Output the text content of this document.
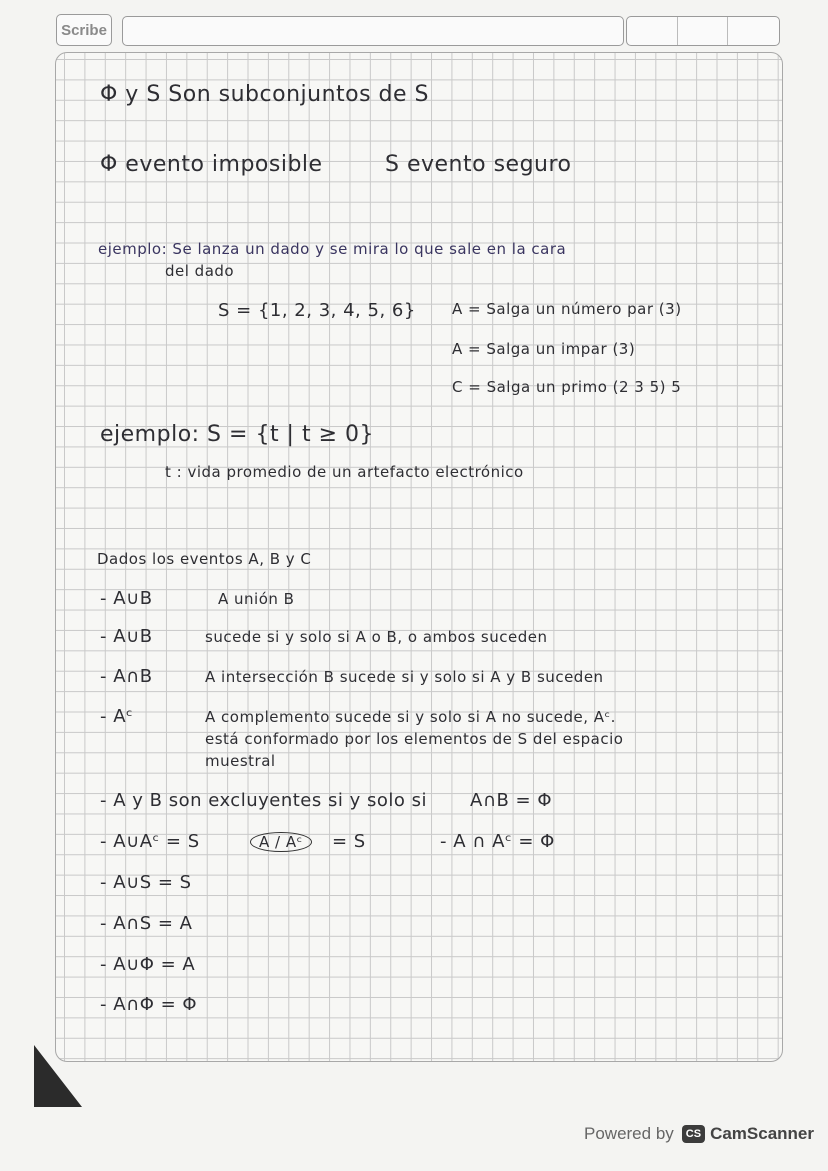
Scribe
Φ y S Son subconjuntos de S
Φ evento imposible	S evento seguro
ejemplo: Se lanza un dado y se mira lo que sale en la cara
del dado
S = {1, 2, 3, 4, 5, 6} A = Salga un número par (3)
A = Salga un impar (3)
C = Salga un primo (2 3 5) 5
ejemplo: S = {t | t ≥ 0}
t : vida promedio de un artefacto electrónico
Dados los eventos A, B y C
- A∪B	A unión B
- A∪B	sucede si y solo si A o B, o ambos suceden
- A∩B	A intersección B sucede si y solo si A y B suceden
- Aᶜ	A complemento sucede si y solo si A no sucede, Aᶜ.
está conformado por los elementos de S del espacio
muestral
- A y B son excluyentes si y solo si A∩B = Φ
- A∪Aᶜ = S	A / Aᶜ	= S	- A ∩ Aᶜ = Φ
- A∪S = S
- A∩S = A
- A∪Φ = A
- A∩Φ = Φ
Powered by	CS CamScanner
